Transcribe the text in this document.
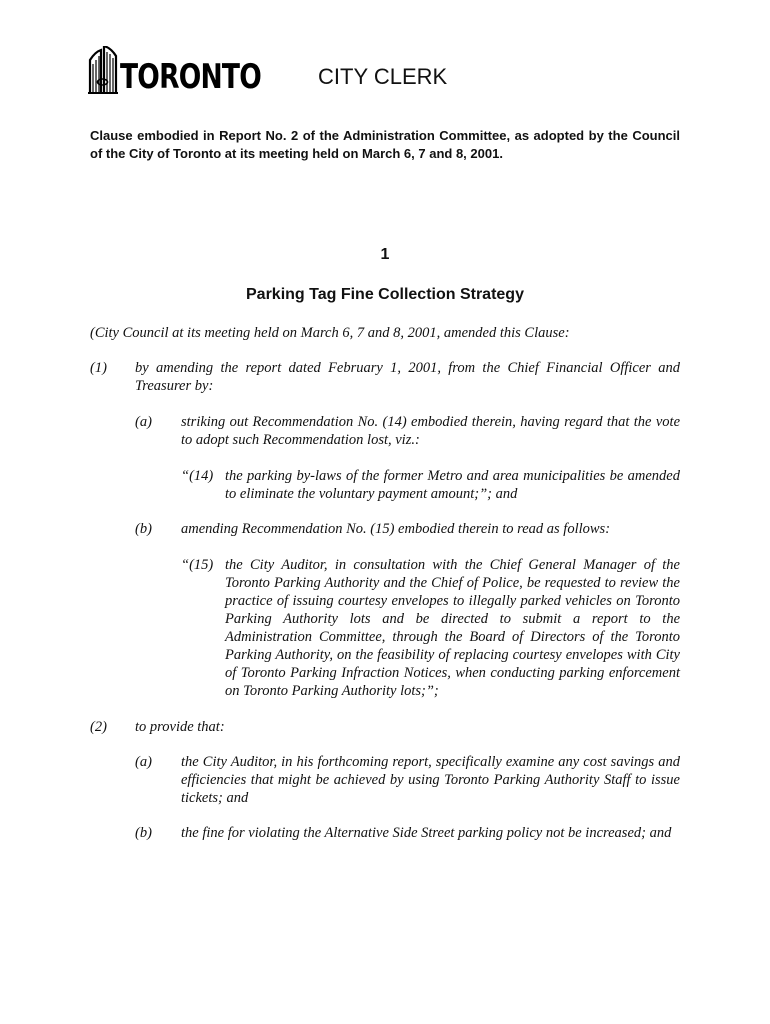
TORONTO	CITY CLERK
Clause embodied in Report No. 2 of the Administration Committee, as adopted by the Council of the City of Toronto at its meeting held on March 6, 7 and 8, 2001.
1
Parking Tag Fine Collection Strategy
(City Council at its meeting held on March 6, 7 and 8, 2001, amended this Clause:
(1) by amending the report dated February 1, 2001, from the Chief Financial Officer and Treasurer by:
(a) striking out Recommendation No. (14) embodied therein, having regard that the vote to adopt such Recommendation lost, viz.:
“(14) the parking by-laws of the former Metro and area municipalities be amended to eliminate the voluntary payment amount;”; and
(b) amending Recommendation No. (15) embodied therein to read as follows:
“(15) the City Auditor, in consultation with the Chief General Manager of the Toronto Parking Authority and the Chief of Police, be requested to review the practice of issuing courtesy envelopes to illegally parked vehicles on Toronto Parking Authority lots and be directed to submit a report to the Administration Committee, through the Board of Directors of the Toronto Parking Authority, on the feasibility of replacing courtesy envelopes with City of Toronto Parking Infraction Notices, when conducting parking enforcement on Toronto Parking Authority lots;”;
(2) to provide that:
(a) the City Auditor, in his forthcoming report, specifically examine any cost savings and efficiencies that might be achieved by using Toronto Parking Authority Staff to issue tickets; and
(b) the fine for violating the Alternative Side Street parking policy not be increased; and
